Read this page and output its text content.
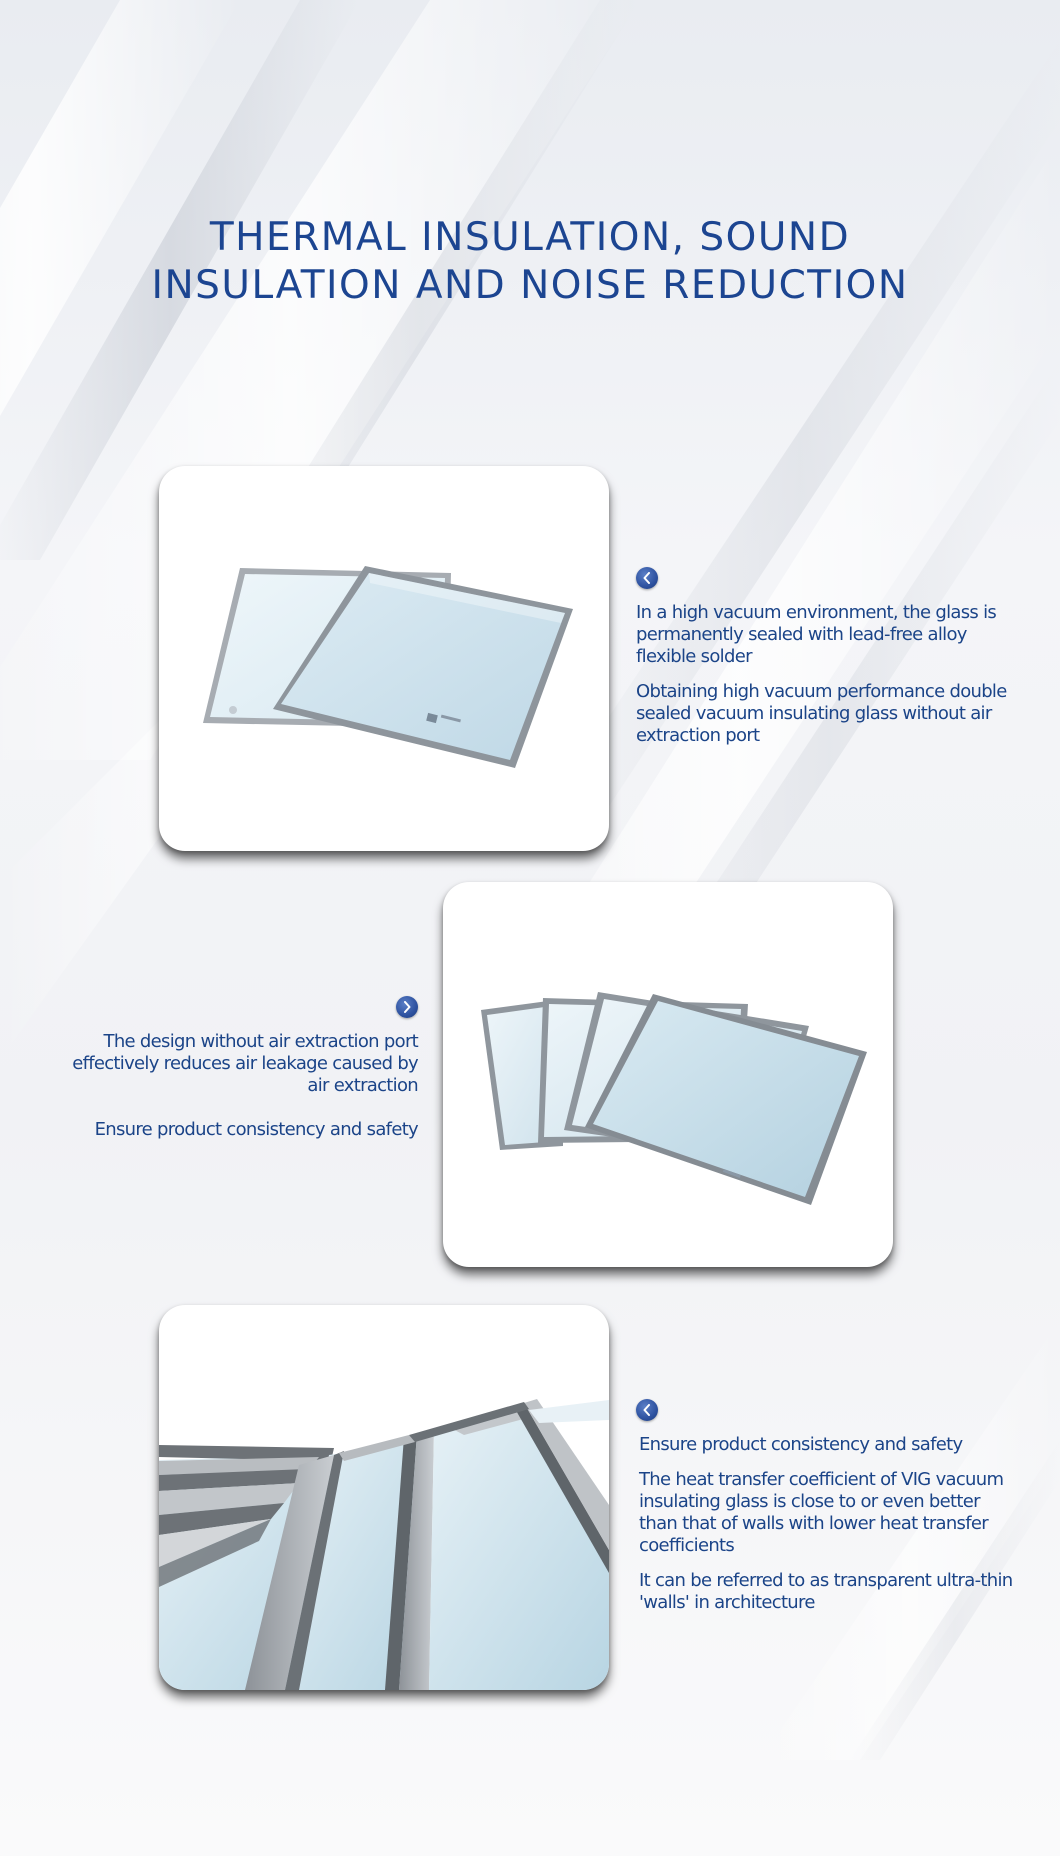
THERMAL INSULATION, SOUND
INSULATION AND NOISE REDUCTION

In a high vacuum environment, the glass is permanently sealed with lead-free alloy flexible solder

Obtaining high vacuum performance double sealed vacuum insulating glass without air extraction port

The design without air extraction port effectively reduces air leakage caused by air extraction

Ensure product consistency and safety

Ensure product consistency and safety

The heat transfer coefficient of VIG vacuum insulating glass is close to or even better than that of walls with lower heat transfer coefficients

It can be referred to as transparent ultra-thin 'walls' in architecture
